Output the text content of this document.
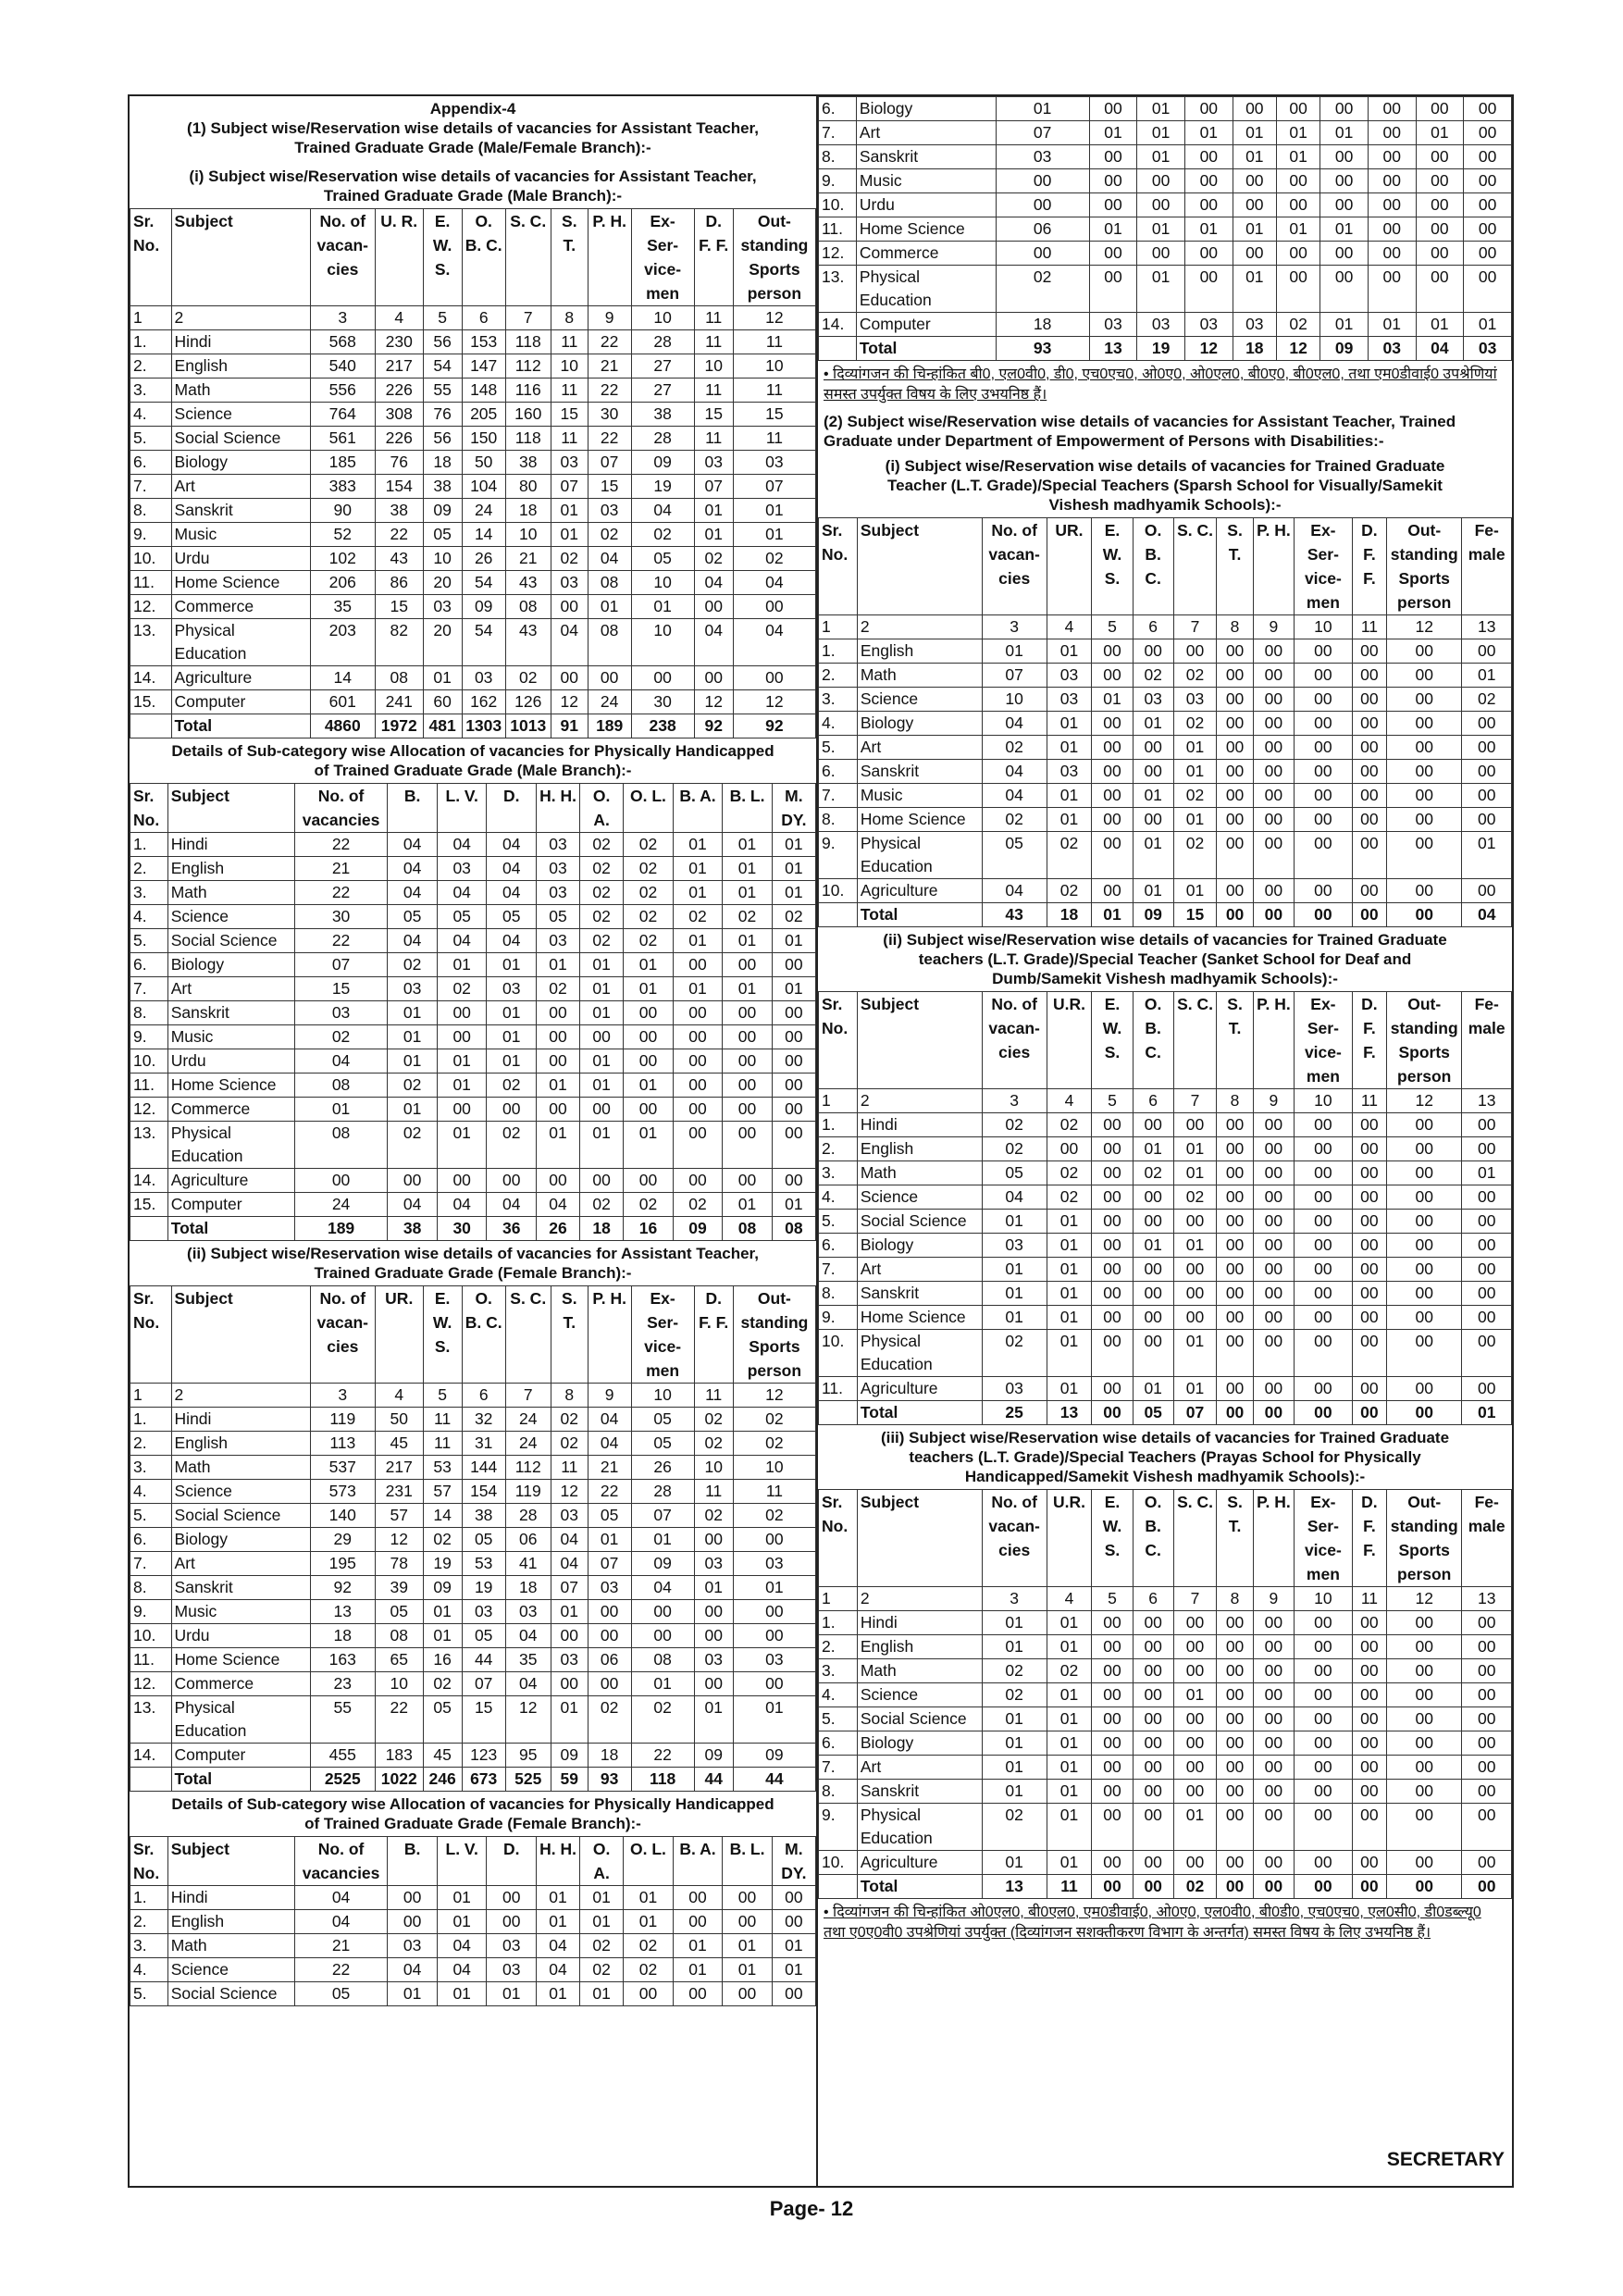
Appendix-4
(1) Subject wise/Reservation wise details of vacancies for Assistant Teacher,
Trained Graduate Grade (Male/Female Branch):-
(i) Subject wise/Reservation wise details of vacancies for Assistant Teacher,
Trained Graduate Grade (Male Branch):-
Sr. No.	Subject	No. of vacan- cies	U. R.	E. W. S.	O. B. C.	S. C.	S. T.	P. H.	Ex- Ser- vice- men	D. F. F.	Out- standing Sports person
1	2	3	4	5	6	7	8	9	10	11	12
1.	Hindi	568	230	56	153	118	11	22	28	11	11
2.	English	540	217	54	147	112	10	21	27	10	10
3.	Math	556	226	55	148	116	11	22	27	11	11
4.	Science	764	308	76	205	160	15	30	38	15	15
5.	Social Science	561	226	56	150	118	11	22	28	11	11
6.	Biology	185	76	18	50	38	03	07	09	03	03
7.	Art	383	154	38	104	80	07	15	19	07	07
8.	Sanskrit	90	38	09	24	18	01	03	04	01	01
9.	Music	52	22	05	14	10	01	02	02	01	01
10.	Urdu	102	43	10	26	21	02	04	05	02	02
11.	Home Science	206	86	20	54	43	03	08	10	04	04
12.	Commerce	35	15	03	09	08	00	01	01	00	00
13.	Physical Education	203	82	20	54	43	04	08	10	04	04
14.	Agriculture	14	08	01	03	02	00	00	00	00	00
15.	Computer	601	241	60	162	126	12	24	30	12	12
	Total	4860	1972	481	1303	1013	91	189	238	92	92
Details of Sub-category wise Allocation of vacancies for Physically Handicapped
of Trained Graduate Grade (Male Branch):-
Sr. No.	Subject	No. of vacancies	B.	L. V.	D.	H. H.	O. A.	O. L.	B. A.	B. L.	M. DY.
1.	Hindi	22	04	04	04	03	02	02	01	01	01
2.	English	21	04	03	04	03	02	02	01	01	01
3.	Math	22	04	04	04	03	02	02	01	01	01
4.	Science	30	05	05	05	05	02	02	02	02	02
5.	Social Science	22	04	04	04	03	02	02	01	01	01
6.	Biology	07	02	01	01	01	01	01	00	00	00
7.	Art	15	03	02	03	02	01	01	01	01	01
8.	Sanskrit	03	01	00	01	00	01	00	00	00	00
9.	Music	02	01	00	01	00	00	00	00	00	00
10.	Urdu	04	01	01	01	00	01	00	00	00	00
11.	Home Science	08	02	01	02	01	01	01	00	00	00
12.	Commerce	01	01	00	00	00	00	00	00	00	00
13.	Physical Education	08	02	01	02	01	01	01	00	00	00
14.	Agriculture	00	00	00	00	00	00	00	00	00	00
15.	Computer	24	04	04	04	04	02	02	02	01	01
	Total	189	38	30	36	26	18	16	09	08	08
(ii) Subject wise/Reservation wise details of vacancies for Assistant Teacher,
Trained Graduate Grade (Female Branch):-
Sr. No.	Subject	No. of vacan- cies	UR.	E. W. S.	O. B. C.	S. C.	S. T.	P. H.	Ex- Ser- vice- men	D. F. F.	Out- standing Sports person
1	2	3	4	5	6	7	8	9	10	11	12
1.	Hindi	119	50	11	32	24	02	04	05	02	02
2.	English	113	45	11	31	24	02	04	05	02	02
3.	Math	537	217	53	144	112	11	21	26	10	10
4.	Science	573	231	57	154	119	12	22	28	11	11
5.	Social Science	140	57	14	38	28	03	05	07	02	02
6.	Biology	29	12	02	05	06	04	01	01	00	00
7.	Art	195	78	19	53	41	04	07	09	03	03
8.	Sanskrit	92	39	09	19	18	07	03	04	01	01
9.	Music	13	05	01	03	03	01	00	00	00	00
10.	Urdu	18	08	01	05	04	00	00	00	00	00
11.	Home Science	163	65	16	44	35	03	06	08	03	03
12.	Commerce	23	10	02	07	04	00	00	01	00	00
13.	Physical Education	55	22	05	15	12	01	02	02	01	01
14.	Computer	455	183	45	123	95	09	18	22	09	09
	Total	2525	1022	246	673	525	59	93	118	44	44
Details of Sub-category wise Allocation of vacancies for Physically Handicapped
of Trained Graduate Grade (Female Branch):-
Sr. No.	Subject	No. of vacancies	B.	L. V.	D.	H. H.	O. A.	O. L.	B. A.	B. L.	M. DY.
1.	Hindi	04	00	01	00	01	01	01	00	00	00
2.	English	04	00	01	00	01	01	01	00	00	00
3.	Math	21	03	04	03	04	02	02	01	01	01
4.	Science	22	04	04	03	04	02	02	01	01	01
5.	Social Science	05	01	01	01	01	01	00	00	00	00
6.	Biology	01	00	01	00	00	00	00	00	00	00
7.	Art	07	01	01	01	01	01	01	00	01	00
8.	Sanskrit	03	00	01	00	01	01	00	00	00	00
9.	Music	00	00	00	00	00	00	00	00	00	00
10.	Urdu	00	00	00	00	00	00	00	00	00	00
11.	Home Science	06	01	01	01	01	01	01	00	00	00
12.	Commerce	00	00	00	00	00	00	00	00	00	00
13.	Physical Education	02	00	01	00	01	00	00	00	00	00
14.	Computer	18	03	03	03	03	02	01	01	01	01
	Total	93	13	19	12	18	12	09	03	04	03
• दिव्यांगजन की चिन्हांकित बी0, एल0वी0, डी0, एच0एच0, ओ0ए0, ओ0एल0, बी0ए0, बी0एल0, तथा एम0डीवाई0 उपश्रेणियां समस्त उपर्युक्त विषय के लिए उभयनिष्ठ हैं।
(2) Subject wise/Reservation wise details of vacancies for Assistant Teacher, Trained
Graduate under Department of Empowerment of Persons with Disabilities:-
(i) Subject wise/Reservation wise details of vacancies for Trained Graduate
Teacher (L.T. Grade)/Special Teachers (Sparsh School for Visually/Samekit
Vishesh madhyamik Schools):-
Sr. No.	Subject	No. of vacan- cies	UR.	E. W. S.	O. B. C.	S. C.	S. T.	P. H.	Ex- Ser- vice- men	D. F. F.	Out- standing Sports person	Fe- male
1	2	3	4	5	6	7	8	9	10	11	12	13
1.	English	01	01	00	00	00	00	00	00	00	00	00
2.	Math	07	03	00	02	02	00	00	00	00	00	01
3.	Science	10	03	01	03	03	00	00	00	00	00	02
4.	Biology	04	01	00	01	02	00	00	00	00	00	00
5.	Art	02	01	00	00	01	00	00	00	00	00	00
6.	Sanskrit	04	03	00	00	01	00	00	00	00	00	00
7.	Music	04	01	00	01	02	00	00	00	00	00	00
8.	Home Science	02	01	00	00	01	00	00	00	00	00	00
9.	Physical Education	05	02	00	01	02	00	00	00	00	00	01
10.	Agriculture	04	02	00	01	01	00	00	00	00	00	00
	Total	43	18	01	09	15	00	00	00	00	00	04
(ii) Subject wise/Reservation wise details of vacancies for Trained Graduate
teachers (L.T. Grade)/Special Teacher (Sanket School for Deaf and
Dumb/Samekit Vishesh madhyamik Schools):-
Sr. No.	Subject	No. of vacan- cies	U.R.	E. W. S.	O. B. C.	S. C.	S. T.	P. H.	Ex- Ser- vice- men	D. F. F.	Out- standing Sports person	Fe- male
1	2	3	4	5	6	7	8	9	10	11	12	13
1.	Hindi	02	02	00	00	00	00	00	00	00	00	00
2.	English	02	00	00	01	01	00	00	00	00	00	00
3.	Math	05	02	00	02	01	00	00	00	00	00	01
4.	Science	04	02	00	00	02	00	00	00	00	00	00
5.	Social Science	01	01	00	00	00	00	00	00	00	00	00
6.	Biology	03	01	00	01	01	00	00	00	00	00	00
7.	Art	01	01	00	00	00	00	00	00	00	00	00
8.	Sanskrit	01	01	00	00	00	00	00	00	00	00	00
9.	Home Science	01	01	00	00	00	00	00	00	00	00	00
10.	Physical Education	02	01	00	00	01	00	00	00	00	00	00
11.	Agriculture	03	01	00	01	01	00	00	00	00	00	00
	Total	25	13	00	05	07	00	00	00	00	00	01
(iii) Subject wise/Reservation wise details of vacancies for Trained Graduate
teachers (L.T. Grade)/Special Teachers (Prayas School for Physically
Handicapped/Samekit Vishesh madhyamik Schools):-
Sr. No.	Subject	No. of vacan- cies	U.R.	E. W. S.	O. B. C.	S. C.	S. T.	P. H.	Ex- Ser- vice- men	D. F. F.	Out- standing Sports person	Fe- male
1	2	3	4	5	6	7	8	9	10	11	12	13
1.	Hindi	01	01	00	00	00	00	00	00	00	00	00
2.	English	01	01	00	00	00	00	00	00	00	00	00
3.	Math	02	02	00	00	00	00	00	00	00	00	00
4.	Science	02	01	00	00	01	00	00	00	00	00	00
5.	Social Science	01	01	00	00	00	00	00	00	00	00	00
6.	Biology	01	01	00	00	00	00	00	00	00	00	00
7.	Art	01	01	00	00	00	00	00	00	00	00	00
8.	Sanskrit	01	01	00	00	00	00	00	00	00	00	00
9.	Physical Education	02	01	00	00	01	00	00	00	00	00	00
10.	Agriculture	01	01	00	00	00	00	00	00	00	00	00
	Total	13	11	00	00	02	00	00	00	00	00	00
• दिव्यांगजन की चिन्हांकित ओ0एल0, बी0एल0, एम0डीवाई0, ओ0ए0, एल0वी0, बी0डी0, एच0एच0, एल0सी0, डी0डब्ल्यू0 तथा ए0ए0वी0 उपश्रेणियां उपर्युक्त (दिव्यांगजन सशक्तीकरण विभाग के अन्तर्गत) समस्त विषय के लिए उभयनिष्ठ हैं।
SECRETARY
Page- 12
